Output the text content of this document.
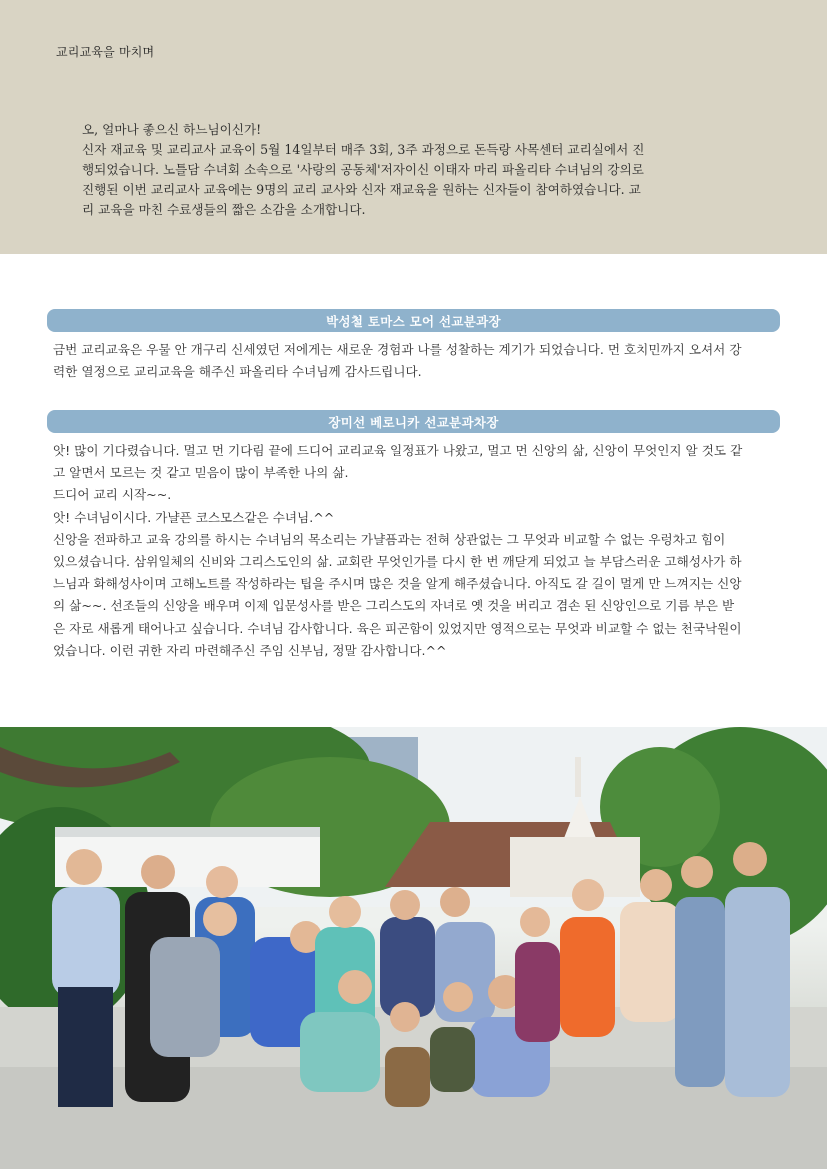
교리교육을 마치며

오, 얼마나 좋으신 하느님이신가!

신자 재교육 및 교리교사 교육이 5월 14일부터 매주 3회, 3주 과정으로 돈득랑 사목센터 교리실에서 진

행되었습니다. 노틀담 수녀회 소속으로 '사랑의 공동체'저자이신 이태자 마리 파올리타 수녀님의 강의로

진행된 이번 교리교사 교육에는 9명의 교리 교사와 신자 재교육을 원하는 신자들이 참여하였습니다. 교

리 교육을 마친 수료생들의 짧은 소감을 소개합니다.

박성철 토마스 모어 선교분과장

금번 교리교육은 우물 안 개구리 신세였던 저에게는 새로운 경험과 나를 성찰하는 계기가 되었습니다. 먼 호치민까지 오셔서 강

력한 열정으로 교리교육을 해주신 파올리타 수녀님께 감사드립니다.

장미선 베로니카 선교분과차장

앗! 많이 기다렸습니다. 멀고 먼 기다림 끝에 드디어 교리교육 일정표가 나왔고, 멀고 먼 신앙의 삶, 신앙이 무엇인지 알 것도 같

고 알면서 모르는 것 같고 믿음이 많이 부족한 나의 삶.

드디어 교리 시작~~.

앗! 수녀님이시다. 가냘픈 코스모스같은 수녀님.^^

신앙을 전파하고 교육 강의를 하시는 수녀님의 목소리는 가냘픔과는 전혀 상관없는 그 무엇과 비교할 수 없는 우렁차고 힘이

있으셨습니다. 삼위일체의 신비와 그리스도인의 삶. 교회란 무엇인가를 다시 한 번 깨닫게 되었고 늘 부담스러운 고해성사가 하

느님과 화해성사이며 고해노트를 작성하라는 팁을 주시며 많은 것을 알게 해주셨습니다. 아직도 갈 길이 멀게 만 느껴지는 신앙

의 삶~~. 선조들의 신앙을 배우며 이제 입문성사를 받은 그리스도의 자녀로 옛 것을 버리고 겸손 된 신앙인으로 기름 부은 받

은 자로 새롭게 태어나고 싶습니다. 수녀님 감사합니다. 육은 피곤함이 있었지만 영적으로는 무엇과 비교할 수 없는 천국낙원이

었습니다. 이런 귀한 자리 마련해주신 주임 신부님, 정말 감사합니다.^^
